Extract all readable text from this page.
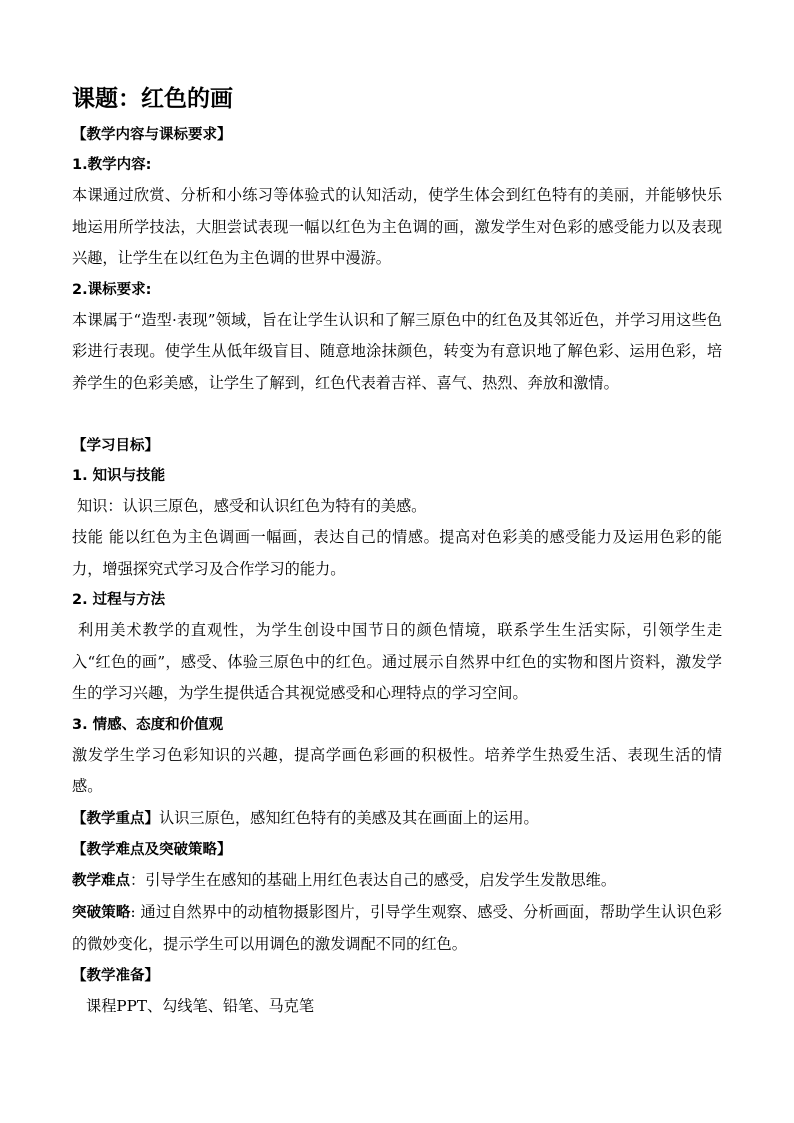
课题：红色的画
【教学内容与课标要求】
1.教学内容:

本课通过欣赏、分析和小练习等体验式的认知活动，使学生体会到红色特有的美丽，并能够快乐地运用所学技法，大胆尝试表现一幅以红色为主色调的画，激发学生对色彩的感受能力以及表现兴趣，让学生在以红色为主色调的世界中漫游。

2.课标要求:

本课属于“造型·表现”领域，旨在让学生认识和了解三原色中的红色及其邻近色，并学习用这些色彩进行表现。使学生从低年级盲目、随意地涂抹颜色，转变为有意识地了解色彩、运用色彩，培养学生的色彩美感，让学生了解到，红色代表着吉祥、喜气、热烈、奔放和激情。

【学习目标】
1. 知识与技能
知识：认识三原色，感受和认识红色为特有的美感。

技能 能以红色为主色调画一幅画，表达自己的情感。提高对色彩美的感受能力及运用色彩的能力，增强探究式学习及合作学习的能力。

2. 过程与方法

利用美术教学的直观性，为学生创设中国节日的颜色情境，联系学生生活实际，引领学生走入“红色的画”，感受、体验三原色中的红色。通过展示自然界中红色的实物和图片资料，激发学生的学习兴趣，为学生提供适合其视觉感受和心理特点的学习空间。

3. 情感、态度和价值观

激发学生学习色彩知识的兴趣，提高学画色彩画的积极性。培养学生热爱生活、表现生活的情感。

【教学重点】认识三原色，感知红色特有的美感及其在画面上的运用。
【教学难点及突破策略】
教学难点：引导学生在感知的基础上用红色表达自己的感受，启发学生发散思维。

突破策略: 通过自然界中的动植物摄影图片，引导学生观察、感受、分析画面，帮助学生认识色彩的微妙变化，提示学生可以用调色的激发调配不同的红色。

【教学准备】
课程PPT、勾线笔、铅笔、马克笔
